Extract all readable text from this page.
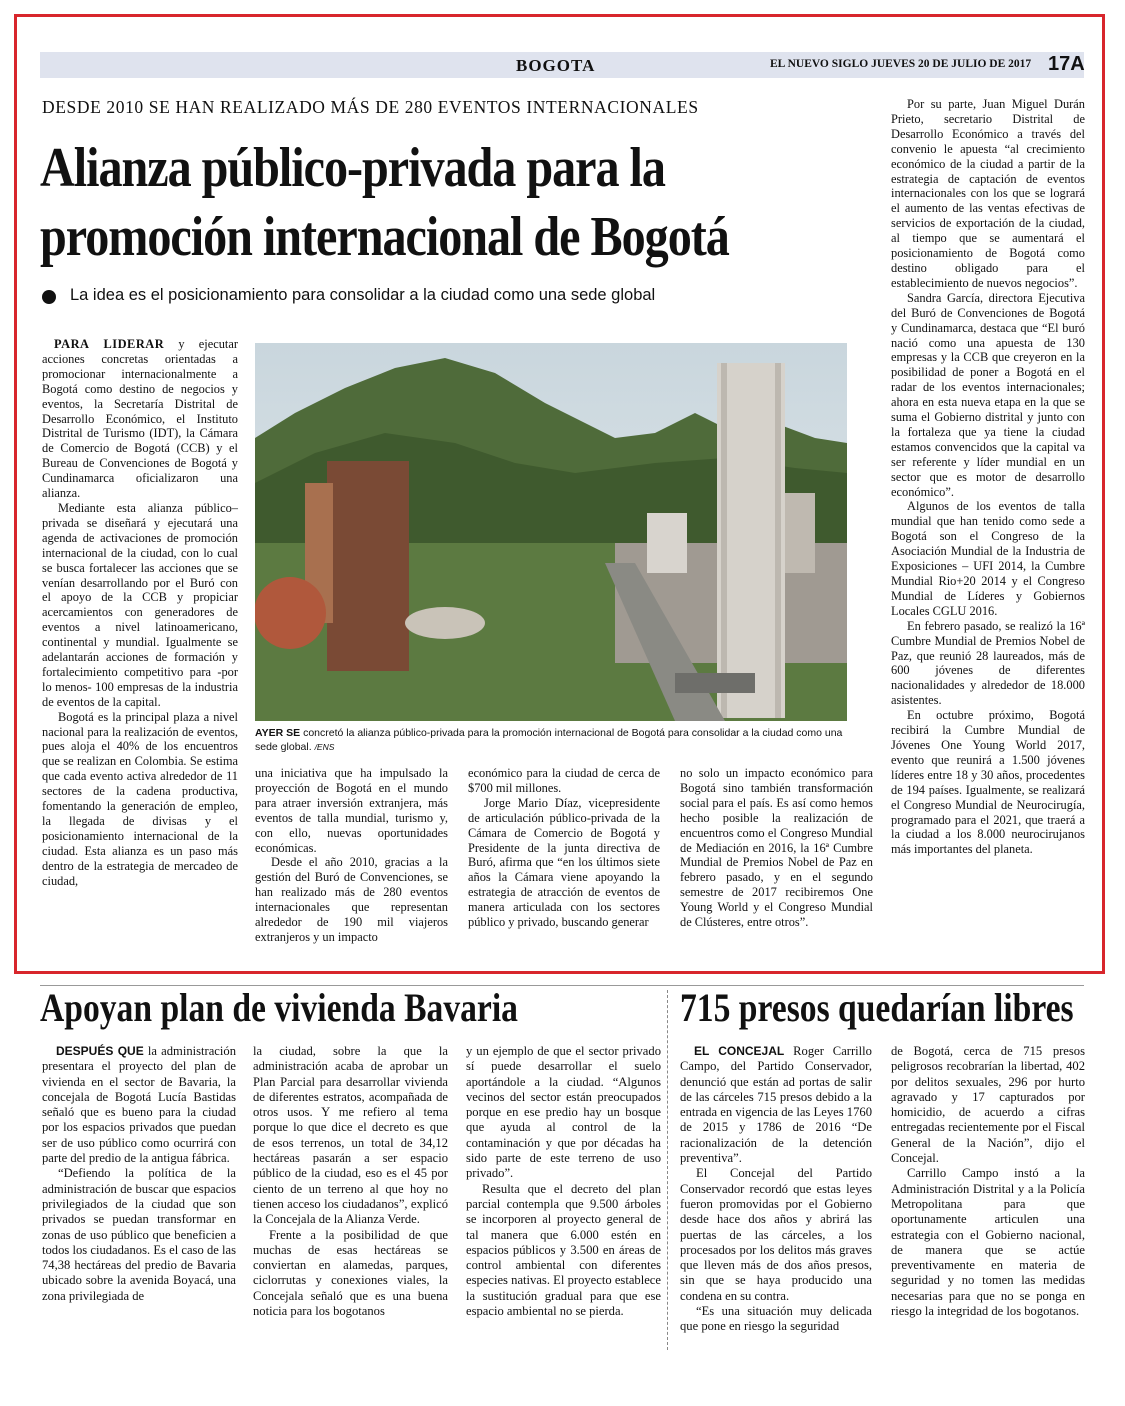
BOGOTA	EL NUEVO SIGLO JUEVES 20 DE JULIO DE 2017 17A
DESDE 2010 SE HAN REALIZADO MÁS DE 280 EVENTOS INTERNACIONALES
Alianza público-privada para la promoción internacional de Bogotá
La idea es el posicionamiento para consolidar a la ciudad como una sede global

PARA LIDERAR y ejecutar acciones concretas orientadas a promocionar internacionalmente a Bogotá como destino de negocios y eventos, la Secretaría Distrital de Desarrollo Económico, el Instituto Distrital de Turismo (IDT), la Cámara de Comercio de Bogotá (CCB) y el Bureau de Convenciones de Bogotá y Cundinamarca oficializaron una alianza.

Mediante esta alianza público–privada se diseñará y ejecutará una agenda de activaciones de promoción internacional de la ciudad, con lo cual se busca fortalecer las acciones que se venían desarrollando por el Buró con el apoyo de la CCB y propiciar acercamientos con generadores de eventos a nivel latinoamericano, continental y mundial. Igualmente se adelantarán acciones de formación y fortalecimiento competitivo para -por lo menos- 100 empresas de la industria de eventos de la capital.

Bogotá es la principal plaza a nivel nacional para la realización de eventos, pues aloja el 40% de los encuentros que se realizan en Colombia. Se estima que cada evento activa alrededor de 11 sectores de la cadena productiva, fomentando la generación de empleo, la llegada de divisas y el posicionamiento internacional de la ciudad. Esta alianza es un paso más dentro de la estrategia de mercadeo de ciudad,

AYER SE concretó la alianza público-privada para la promoción internacional de Bogotá para consolidar a la ciudad como una sede global. /ENS

una iniciativa que ha impulsado la proyección de Bogotá en el mundo para atraer inversión extranjera, más eventos de talla mundial, turismo y, con ello, nuevas oportunidades económicas.

Desde el año 2010, gracias a la gestión del Buró de Convenciones, se han realizado más de 280 eventos internacionales que representan alrededor de 190 mil viajeros extranjeros y un impacto

económico para la ciudad de cerca de $700 mil millones.

Jorge Mario Díaz, vicepresidente de articulación público-privada de la Cámara de Comercio de Bogotá y Presidente de la junta directiva de Buró, afirma que “en los últimos siete años la Cámara viene apoyando la estrategia de atracción de eventos de manera articulada con los sectores público y privado, buscando generar

no solo un impacto económico para Bogotá sino también transformación social para el país. Es así como hemos hecho posible la realización de encuentros como el Congreso Mundial de Mediación en 2016, la 16ª Cumbre Mundial de Premios Nobel de Paz en febrero pasado, y en el segundo semestre de 2017 recibiremos One Young World y el Congreso Mundial de Clústeres, entre otros”.

Por su parte, Juan Miguel Durán Prieto, secretario Distrital de Desarrollo Económico a través del convenio le apuesta “al crecimiento económico de la ciudad a partir de la estrategia de captación de eventos internacionales con los que se logrará el aumento de las ventas efectivas de servicios de exportación de la ciudad, al tiempo que se aumentará el posicionamiento de Bogotá como destino obligado para el establecimiento de nuevos negocios”.

Sandra García, directora Ejecutiva del Buró de Convenciones de Bogotá y Cundinamarca, destaca que “El buró nació como una apuesta de 130 empresas y la CCB que creyeron en la posibilidad de poner a Bogotá en el radar de los eventos internacionales; ahora en esta nueva etapa en la que se suma el Gobierno distrital y junto con la fortaleza que ya tiene la ciudad estamos convencidos que la capital va ser referente y líder mundial en un sector que es motor de desarrollo económico”.

Algunos de los eventos de talla mundial que han tenido como sede a Bogotá son el Congreso de la Asociación Mundial de la Industria de Exposiciones – UFI 2014, la Cumbre Mundial Rio+20 2014 y el Congreso Mundial de Líderes y Gobiernos Locales CGLU 2016.

En febrero pasado, se realizó la 16ª Cumbre Mundial de Premios Nobel de Paz, que reunió 28 laureados, más de 600 jóvenes de diferentes nacionalidades y alrededor de 18.000 asistentes.

En octubre próximo, Bogotá recibirá la Cumbre Mundial de Jóvenes One Young World 2017, evento que reunirá a 1.500 jóvenes líderes entre 18 y 30 años, procedentes de 194 países. Igualmente, se realizará el Congreso Mundial de Neurocirugía, programado para el 2021, que traerá a la ciudad a los 8.000 neurocirujanos más importantes del planeta.

Apoyan plan de vivienda Bavaria

DESPUÉS QUE la administración presentara el proyecto del plan de vivienda en el sector de Bavaria, la concejala de Bogotá Lucía Bastidas señaló que es bueno para la ciudad por los espacios privados que puedan ser de uso público como ocurrirá con parte del predio de la antigua fábrica.

“Defiendo la política de la administración de buscar que espacios privilegiados de la ciudad que son privados se puedan transformar en zonas de uso público que beneficien a todos los ciudadanos. Es el caso de las 74,38 hectáreas del predio de Bavaria ubicado sobre la avenida Boyacá, una zona privilegiada de

la ciudad, sobre la que la administración acaba de aprobar un Plan Parcial para desarrollar vivienda de diferentes estratos, acompañada de otros usos. Y me refiero al tema porque lo que dice el decreto es que de esos terrenos, un total de 34,12 hectáreas pasarán a ser espacio público de la ciudad, eso es el 45 por ciento de un terreno al que hoy no tienen acceso los ciudadanos”, explicó la Concejala de la Alianza Verde.

Frente a la posibilidad de que muchas de esas hectáreas se conviertan en alamedas, parques, ciclorrutas y conexiones viales, la Concejala señaló que es una buena noticia para los bogotanos

y un ejemplo de que el sector privado sí puede desarrollar el suelo aportándole a la ciudad. “Algunos vecinos del sector están preocupados porque en ese predio hay un bosque que ayuda al control de la contaminación y que por décadas ha sido parte de este terreno de uso privado”.

Resulta que el decreto del plan parcial contempla que 9.500 árboles se incorporen al proyecto general de tal manera que 6.000 estén en espacios públicos y 3.500 en áreas de control ambiental con diferentes especies nativas. El proyecto establece la sustitución gradual para que ese espacio ambiental no se pierda.

715 presos quedarían libres

EL CONCEJAL Roger Carrillo Campo, del Partido Conservador, denunció que están ad portas de salir de las cárceles 715 presos debido a la entrada en vigencia de las Leyes 1760 de 2015 y 1786 de 2016 “De racionalización de la detención preventiva”.

El Concejal del Partido Conservador recordó que estas leyes fueron promovidas por el Gobierno desde hace dos años y abrirá las puertas de las cárceles, a los procesados por los delitos más graves que lleven más de dos años presos, sin que se haya producido una condena en su contra.

“Es una situación muy delicada que pone en riesgo la seguridad

de Bogotá, cerca de 715 presos peligrosos recobrarían la libertad, 402 por delitos sexuales, 296 por hurto agravado y 17 capturados por homicidio, de acuerdo a cifras entregadas recientemente por el Fiscal General de la Nación”, dijo el Concejal.

Carrillo Campo instó a la Administración Distrital y a la Policía Metropolitana para que oportunamente articulen una estrategia con el Gobierno nacional, de manera que se actúe preventivamente en materia de seguridad y no tomen las medidas necesarias para que no se ponga en riesgo la integridad de los bogotanos.
